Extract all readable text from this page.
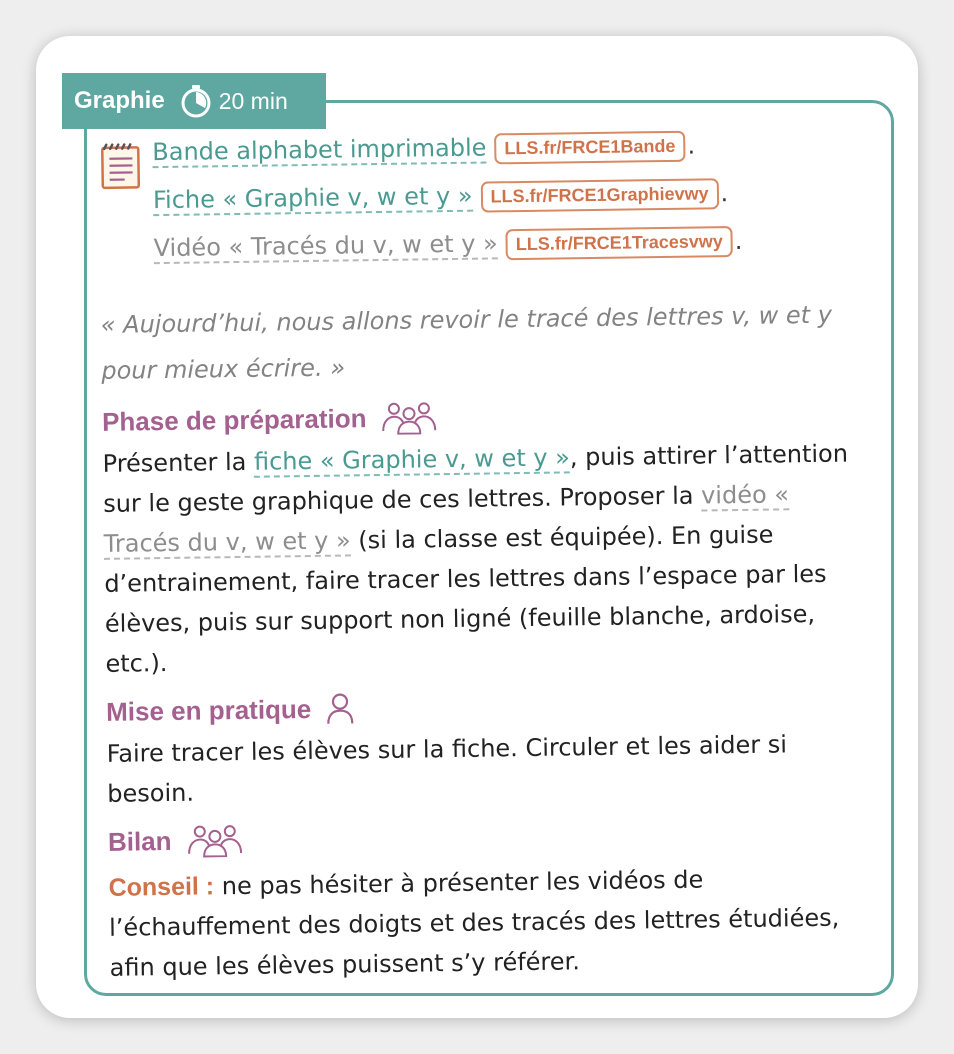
Graphie 20 min
Bande alphabet imprimable LLS.fr/FRCE1Bande .
Fiche « Graphie v, w et y » LLS.fr/FRCE1Graphievwy .
Vidéo « Tracés du v, w et y » LLS.fr/FRCE1Tracesvwy .
« Aujourd’hui, nous allons revoir le tracé des lettres v, w et y pour mieux écrire. »
Phase de préparation
Présenter la fiche « Graphie v, w et y », puis attirer l’attention sur le geste graphique de ces lettres. Proposer la vidéo « Tracés du v, w et y » (si la classe est équipée). En guise d’entrainement, faire tracer les lettres dans l’espace par les élèves, puis sur support non ligné (feuille blanche, ardoise, etc.).
Mise en pratique
Faire tracer les élèves sur la fiche. Circuler et les aider si besoin.
Bilan
Conseil : ne pas hésiter à présenter les vidéos de l’échauffement des doigts et des tracés des lettres étudiées, afin que les élèves puissent s’y référer.
